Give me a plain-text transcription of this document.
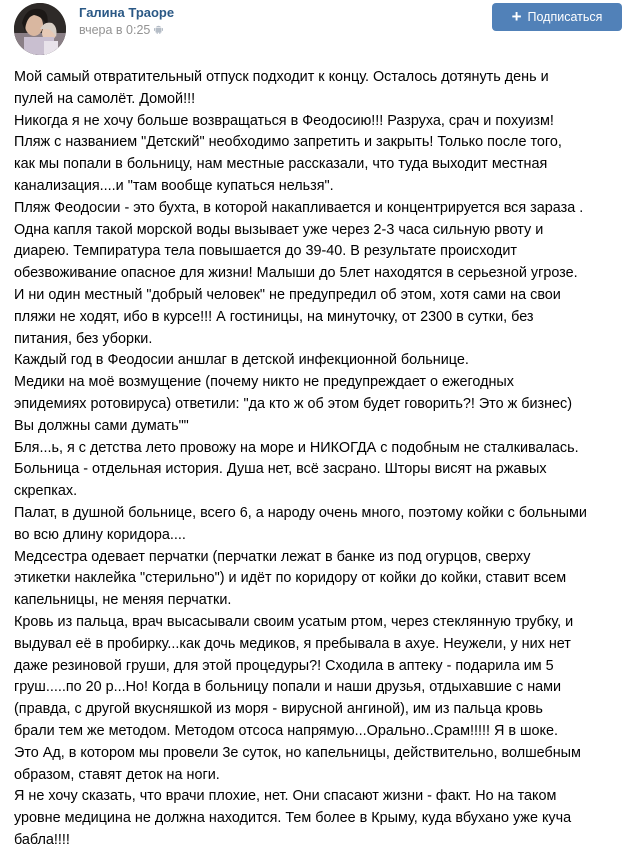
Галина Траоре
вчера в 0:25
+ Подписаться
Мой самый отвратительный отпуск подходит к концу. Осталось дотянуть день и
пулей на самолёт. Домой!!!
Никогда я не хочу больше возвращаться в Феодосию!!! Разруха, срач и похуизм!
Пляж с названием "Детский" необходимо запретить и закрыть! Только после того,
как мы попали в больницу, нам местные рассказали, что туда выходит местная
канализация....и "там вообще купаться нельзя".
Пляж Феодосии - это бухта, в которой накапливается и концентрируется вся зараза .
Одна капля такой морской воды вызывает уже через 2-3 часа сильную рвоту и
диарею. Темпиратура тела повышается до 39-40. В результате происходит
обезвоживание опасное для жизни! Малыши до 5лет находятся в серьезной угрозе.
И ни один местный "добрый человек" не предупредил об этом, хотя сами на свои
пляжи не ходят, ибо в курсе!!! А гостиницы, на минуточку, от 2300 в сутки, без
питания, без уборки.
Каждый год в Феодосии аншлаг в детской инфекционной больнице.
Медики на моё возмущение (почему никто не предупреждает о ежегодных
эпидемиях ротовируса) ответили: "да кто ж об этом будет говорить?! Это ж бизнес)
Вы должны сами думать""
Бля...ь, я с детства лето провожу на море и НИКОГДА с подобным не сталкивалась.
Больница - отдельная история. Душа нет, всё засрано. Шторы висят на ржавых
скрепках.
Палат, в душной больнице, всего 6, а народу очень много, поэтому койки с больными
во всю длину коридора....
Медсестра одевает перчатки (перчатки лежат в банке из под огурцов, сверху
этикетки наклейка "стерильно") и идёт по коридору от койки до койки, ставит всем
капельницы, не меняя перчатки.
Кровь из пальца, врач высасывали своим усатым ртом, через стеклянную трубку, и
выдувал её в пробирку...как дочь медиков, я пребывала в ахуе. Неужели, у них нет
даже резиновой груши, для этой процедуры?! Сходила в аптеку - подарила им 5
груш.....по 20 р...Но! Когда в больницу попали и наши друзья, отдыхавшие с нами
(правда, с другой вкусняшкой из моря - вирусной ангиной), им из пальца кровь
брали тем же методом. Методом отсоса напрямую...Орально..Срам!!!!! Я в шоке.
Это Ад, в котором мы провели 3е суток, но капельницы, действительно, волшебным
образом, ставят деток на ноги.
Я не хочу сказать, что врачи плохие, нет. Они спасают жизни - факт. Но на таком
уровне медицина не должна находится. Тем более в Крыму, куда вбухано уже куча
бабла!!!!
